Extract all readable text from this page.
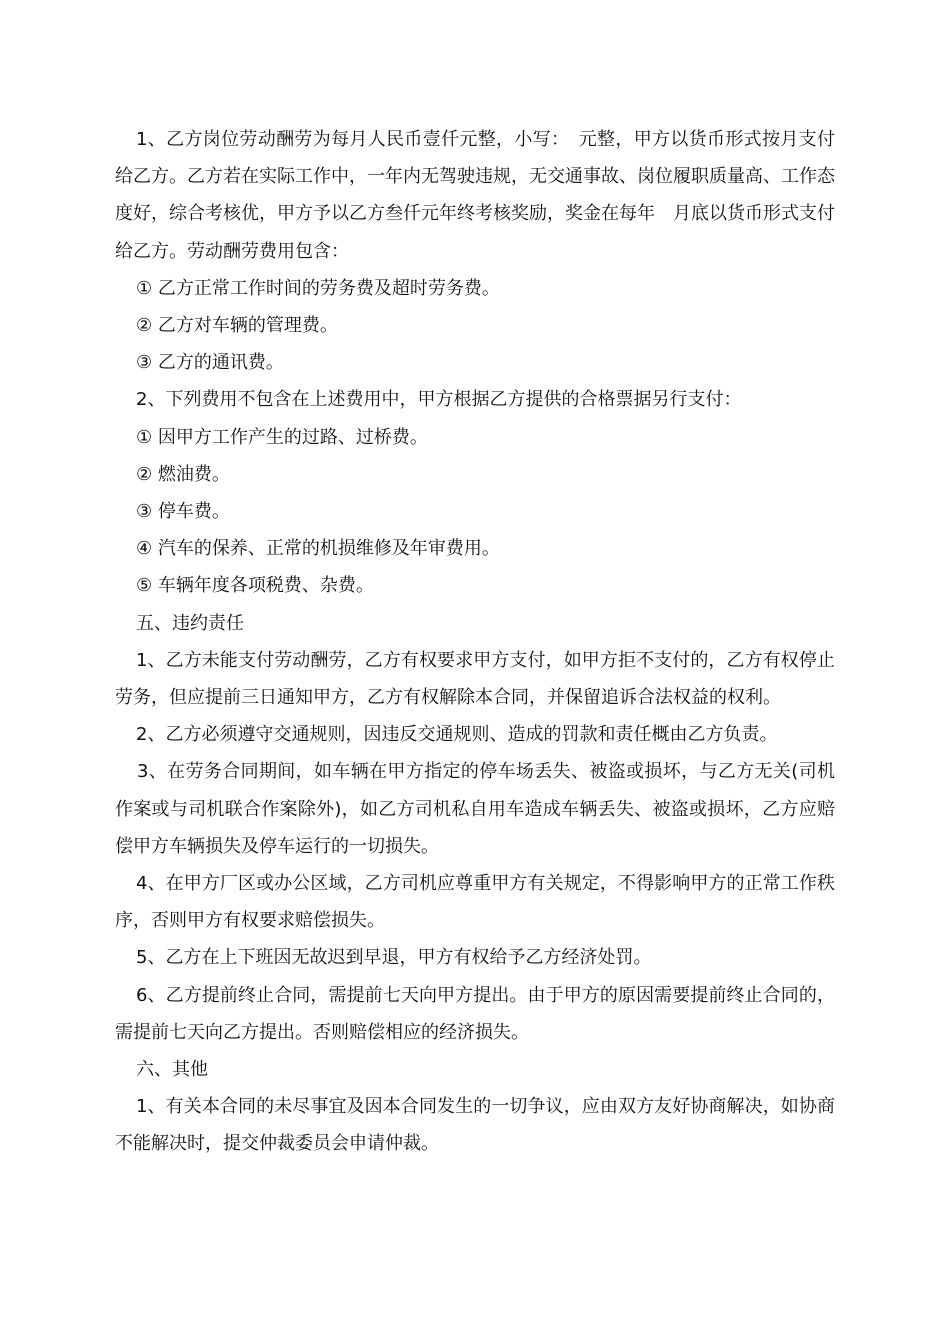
1、乙方岗位劳动酬劳为每月人民币壹仟元整，小写：　元整，甲方以货币形式按月支付给乙方。乙方若在实际工作中，一年内无驾驶违规，无交通事故、岗位履职质量高、工作态度好，综合考核优，甲方予以乙方叁仟元年终考核奖励，奖金在每年　月底以货币形式支付给乙方。劳动酬劳费用包含：

① 乙方正常工作时间的劳务费及超时劳务费。

② 乙方对车辆的管理费。

③ 乙方的通讯费。

2、下列费用不包含在上述费用中，甲方根据乙方提供的合格票据另行支付：

① 因甲方工作产生的过路、过桥费。

② 燃油费。

③ 停车费。

④ 汽车的保养、正常的机损维修及年审费用。

⑤ 车辆年度各项税费、杂费。

五、违约责任

1、乙方未能支付劳动酬劳，乙方有权要求甲方支付，如甲方拒不支付的，乙方有权停止劳务，但应提前三日通知甲方，乙方有权解除本合同，并保留追诉合法权益的权利。

2、乙方必须遵守交通规则，因违反交通规则、造成的罚款和责任概由乙方负责。

3、在劳务合同期间，如车辆在甲方指定的停车场丢失、被盗或损坏，与乙方无关(司机作案或与司机联合作案除外)，如乙方司机私自用车造成车辆丢失、被盗或损坏，乙方应赔偿甲方车辆损失及停车运行的一切损失。

4、在甲方厂区或办公区域，乙方司机应尊重甲方有关规定，不得影响甲方的正常工作秩序，否则甲方有权要求赔偿损失。

5、乙方在上下班因无故迟到早退，甲方有权给予乙方经济处罚。

6、乙方提前终止合同，需提前七天向甲方提出。由于甲方的原因需要提前终止合同的，需提前七天向乙方提出。否则赔偿相应的经济损失。

六、其他

1、有关本合同的未尽事宜及因本合同发生的一切争议，应由双方友好协商解决，如协商不能解决时，提交仲裁委员会申请仲裁。
